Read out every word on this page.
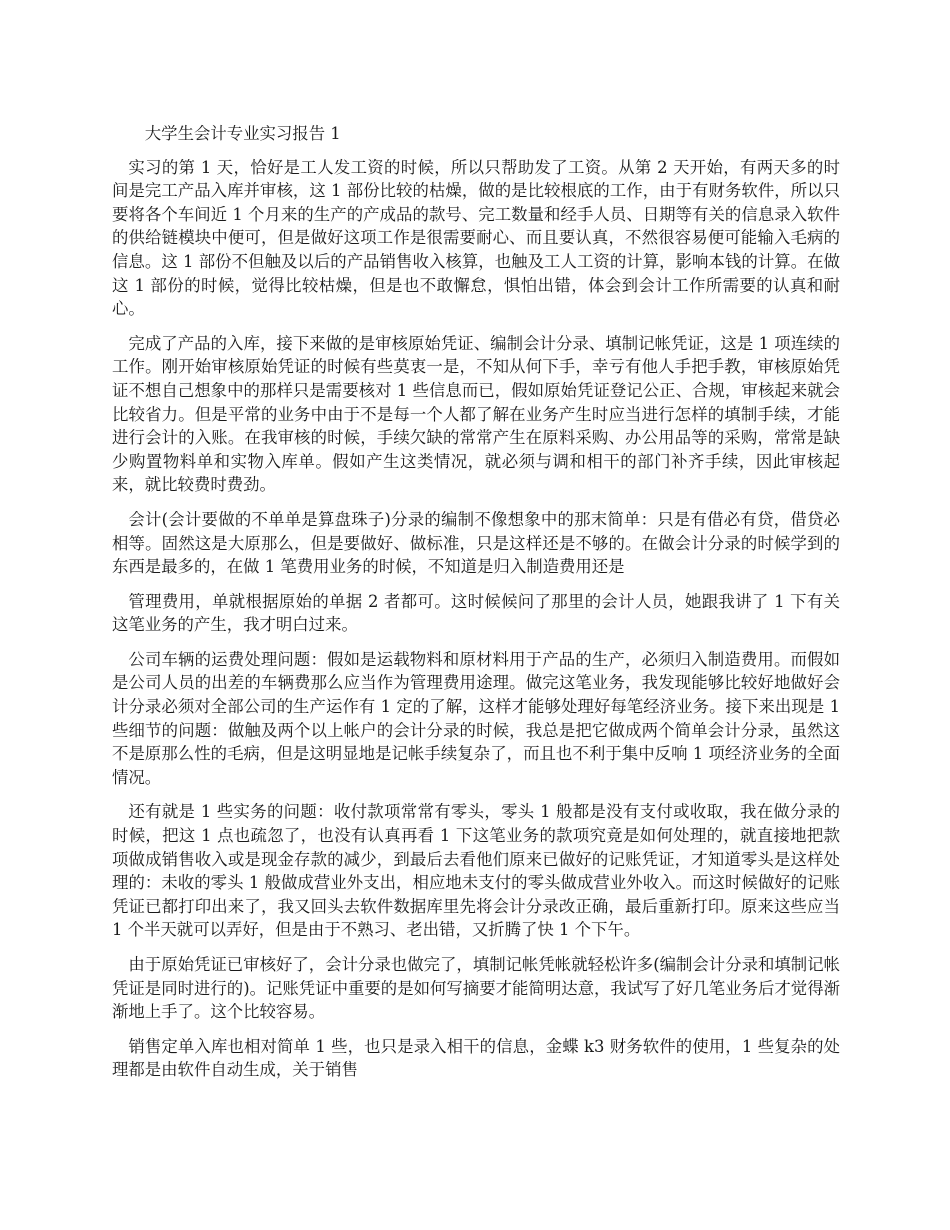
大学生会计专业实习报告 1

实习的第 1 天，恰好是工人发工资的时候，所以只帮助发了工资。从第 2 天开始，有两天多的时间是完工产品入库并审核，这 1 部份比较的枯燥，做的是比较根底的工作，由于有财务软件，所以只要将各个车间近 1 个月来的生产的产成品的款号、完工数量和经手人员、日期等有关的信息录入软件的供给链模块中便可，但是做好这项工作是很需要耐心、而且要认真，不然很容易便可能输入毛病的信息。这 1 部份不但触及以后的产品销售收入核算，也触及工人工资的计算，影响本钱的计算。在做这 1 部份的时候，觉得比较枯燥，但是也不敢懈怠，惧怕出错，体会到会计工作所需要的认真和耐心。

完成了产品的入库，接下来做的是审核原始凭证、编制会计分录、填制记帐凭证，这是 1 项连续的工作。刚开始审核原始凭证的时候有些莫衷一是，不知从何下手，幸亏有他人手把手教，审核原始凭证不想自己想象中的那样只是需要核对 1 些信息而已，假如原始凭证登记公正、合规，审核起来就会比较省力。但是平常的业务中由于不是每一个人都了解在业务产生时应当进行怎样的填制手续，才能进行会计的入账。在我审核的时候，手续欠缺的常常产生在原料采购、办公用品等的采购，常常是缺少购置物料单和实物入库单。假如产生这类情况，就必须与调和相干的部门补齐手续，因此审核起来，就比较费时费劲。

会计(会计要做的不单单是算盘珠子)分录的编制不像想象中的那末简单：只是有借必有贷，借贷必相等。固然这是大原那么，但是要做好、做标准，只是这样还是不够的。在做会计分录的时候学到的东西是最多的，在做 1 笔费用业务的时候，不知道是归入制造费用还是

管理费用，单就根据原始的单据 2 者都可。这时候候问了那里的会计人员，她跟我讲了 1 下有关这笔业务的产生，我才明白过来。

公司车辆的运费处理问题：假如是运载物料和原材料用于产品的生产，必须归入制造费用。而假如是公司人员的出差的车辆费那么应当作为管理费用途理。做完这笔业务，我发现能够比较好地做好会计分录必须对全部公司的生产运作有 1 定的了解，这样才能够处理好每笔经济业务。接下来出现是 1 些细节的问题：做触及两个以上帐户的会计分录的时候，我总是把它做成两个简单会计分录，虽然这不是原那么性的毛病，但是这明显地是记帐手续复杂了，而且也不利于集中反响 1 项经济业务的全面情况。

还有就是 1 些实务的问题：收付款项常常有零头，零头 1 般都是没有支付或收取，我在做分录的时候，把这 1 点也疏忽了，也没有认真再看 1 下这笔业务的款项究竟是如何处理的，就直接地把款项做成销售收入或是现金存款的减少，到最后去看他们原来已做好的记账凭证，才知道零头是这样处理的：未收的零头 1 般做成营业外支出，相应地未支付的零头做成营业外收入。而这时候做好的记账凭证已都打印出来了，我又回头去软件数据库里先将会计分录改正确，最后重新打印。原来这些应当 1 个半天就可以弄好，但是由于不熟习、老出错，又折腾了快 1 个下午。

由于原始凭证已审核好了，会计分录也做完了，填制记帐凭帐就轻松许多(编制会计分录和填制记帐凭证是同时进行的)。记账凭证中重要的是如何写摘要才能简明达意，我试写了好几笔业务后才觉得渐渐地上手了。这个比较容易。

销售定单入库也相对简单 1 些，也只是录入相干的信息，金蝶 k3 财务软件的使用，1 些复杂的处理都是由软件自动生成，关于销售
